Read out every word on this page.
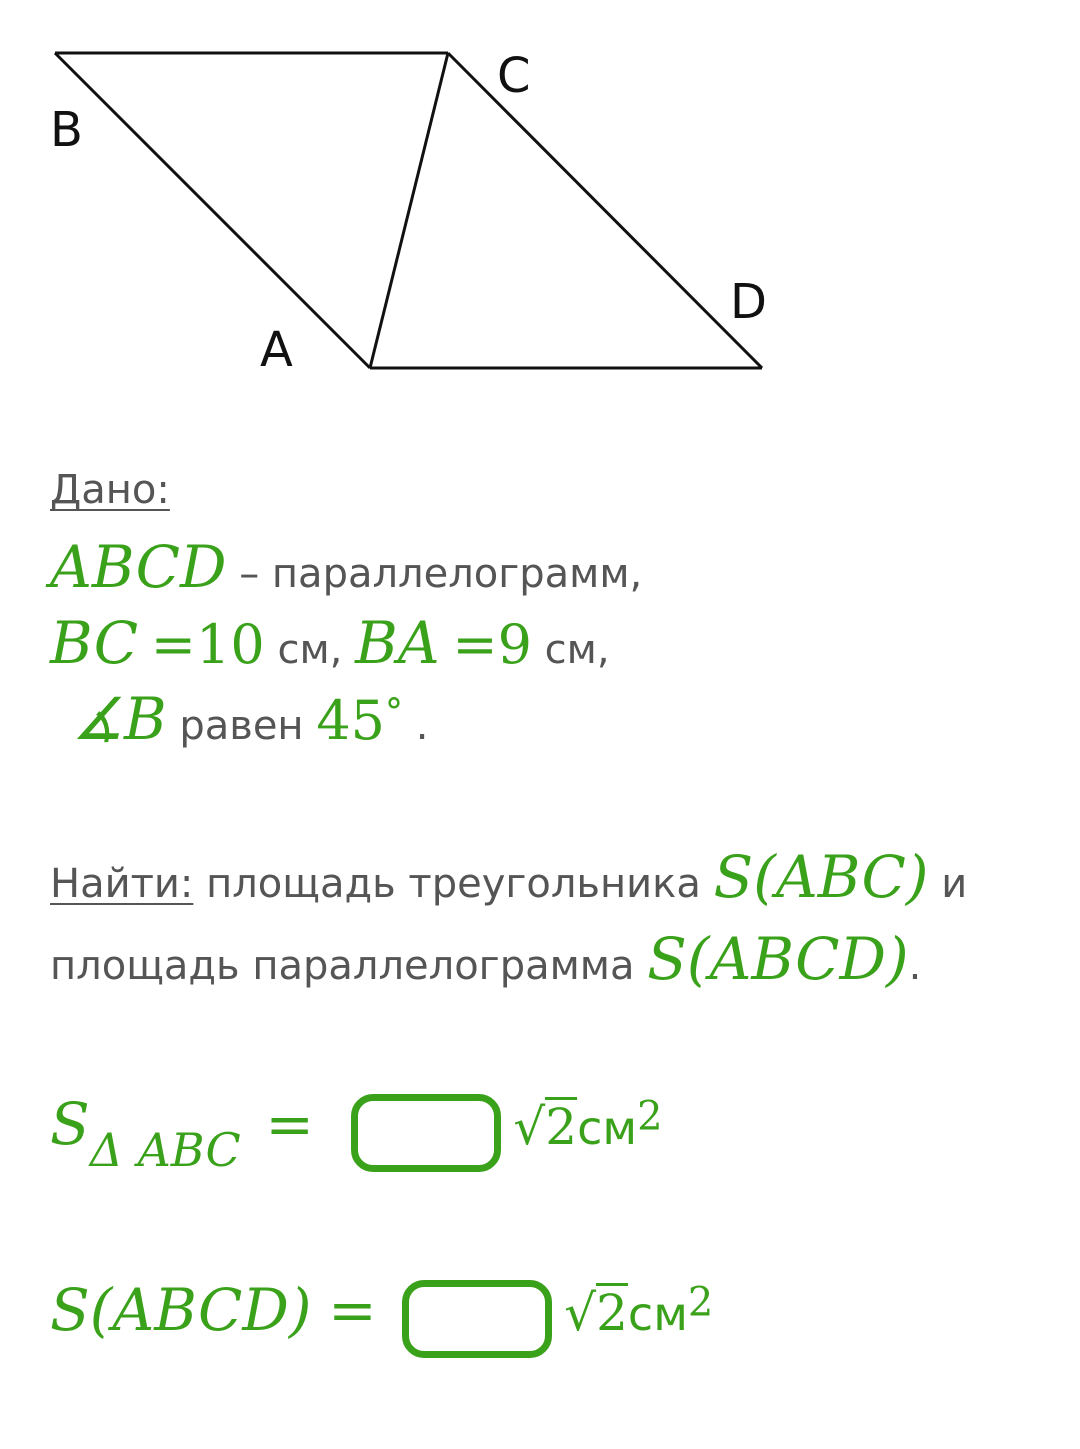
B
C
A
D
Дано:
ABCD – параллелограмм,
BC =10 см, BA =9 см,
∡B равен 45° .
Найти: площадь треугольника S(ABC) и
площадь параллелограмма S(ABCD).
SΔ ABC =	√2см2
S(ABCD) =	√2см2
